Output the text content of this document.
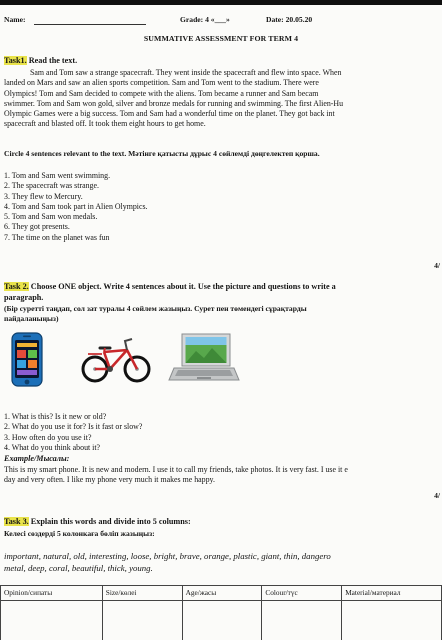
Name:	Grade: 4 «___»	Date: 20.05.20
SUMMATIVE ASSESSMENT FOR TERM 4
Task1. Read the text.
Sam and Tom saw a strange spacecraft. They went inside the spacecraft and flew into space. When
landed on Mars and saw an alien sports competition. Sam and Tom went to the stadium. There were
Olympics! Tom and Sam decided to compete with the aliens. Tom became a runner and Sam becam
swimmer. Tom and Sam won gold, silver and bronze medals for running and swimming. The first Alien-Hu
Olympic Games were a big success. Tom and Sam had a wonderful time on the planet. They got back int
spacecraft and blasted off. It took them eight hours to get home.
Circle 4 sentences relevant to the text. Мәтінге қатысты дұрыс 4 сөйлемді дөңгелектеп қорша.
1. Tom and Sam went swimming.
2. The spacecraft was strange.
3. They flew to Mercury.
4. Tom and Sam took part in Alien Olympics.
5. Tom and Sam won medals.
6. They got presents.
7. The time on the planet was fun
4/
Task 2. Choose ONE object. Write 4 sentences about it. Use the picture and questions to write a
paragraph.
(Бір суретті таңдап, сол зат туралы 4 сөйлем жазыңыз. Сурет пен төмендегі сұрақтарды
пайдаланыңыз)
1. What is this? Is it new or old?
2. What do you use it for? Is it fast or slow?
3. How often do you use it?
4. What do you think about it?
Example/Мысалы:
This is my smart phone. It is new and modern. I use it to call my friends, take photos. It is very fast. I use it e
day and very often. I like my phone very much it makes me happy.
4/
Task 3. Explain this words and divide into 5 columns:
Келесі сөздерді 5 колонкаға бөліп жазыңыз:
important, natural, old, interesting, loose, bright, brave, orange, plastic, giant, thin, dangero
metal, deep, coral, beautiful, thick, young.
Opinion/сипаты	Size/көлеі	Age/жасы	Colour/түс	Material/материал
